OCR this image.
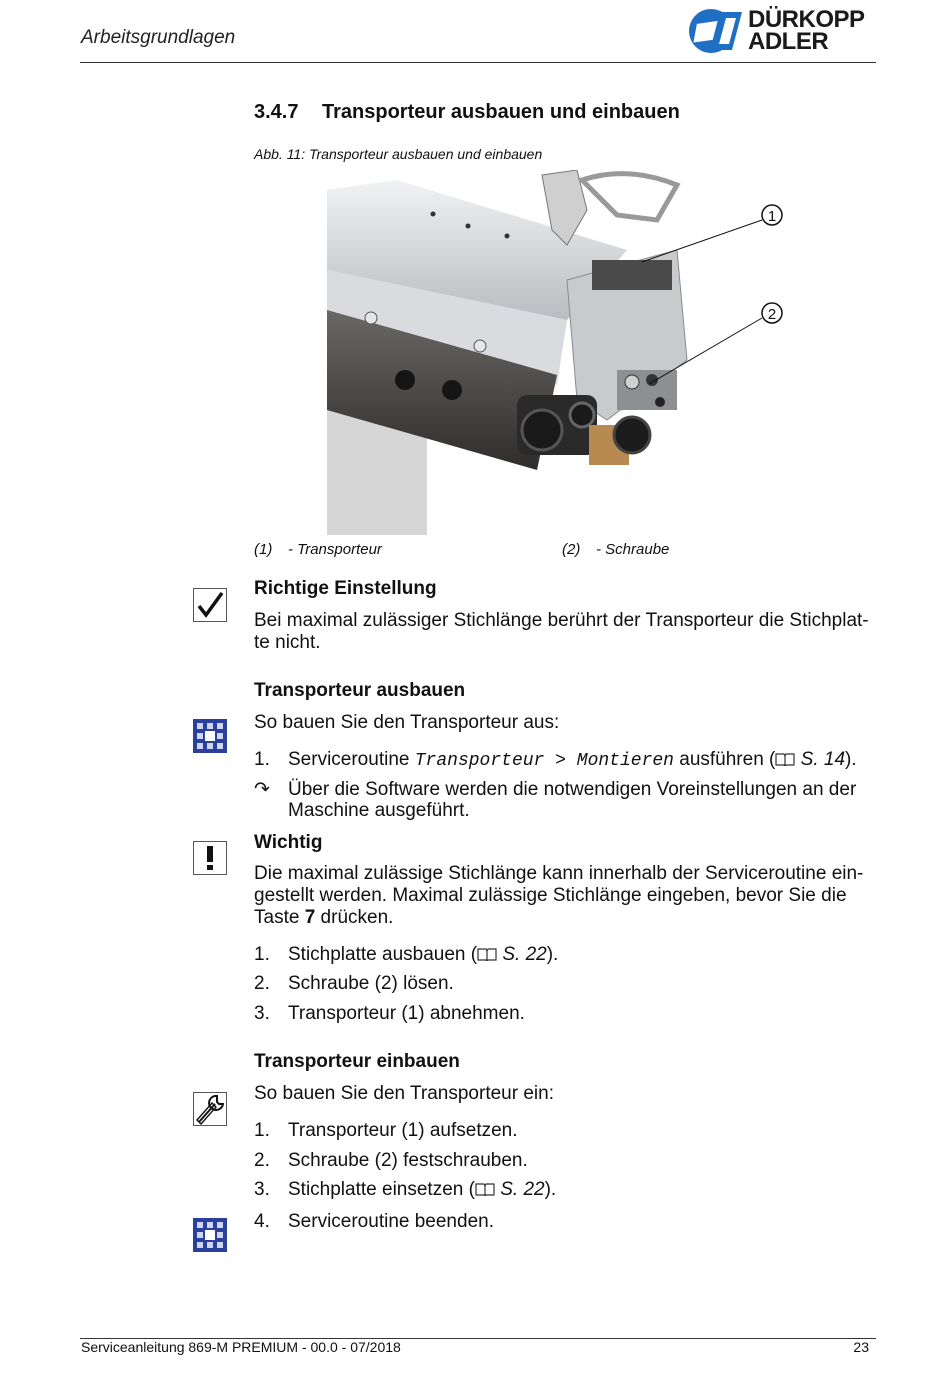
Arbeitsgrundlagen
DÜRKOPP
ADLER
3.4.7 Transporteur ausbauen und einbauen
Abb. 11: Transporteur ausbauen und einbauen
1
2
(1) - Transporteur	(2) - Schraube
Richtige Einstellung
Bei maximal zulässiger Stichlänge berührt der Transporteur die Stichplat-
te nicht.
Transporteur ausbauen
So bauen Sie den Transporteur aus:
1. Serviceroutine Transporteur > Montieren ausführen ( S. 14).
↷ Über die Software werden die notwendigen Voreinstellungen an der
Maschine ausgeführt.
Wichtig
Die maximal zulässige Stichlänge kann innerhalb der Serviceroutine ein-
gestellt werden. Maximal zulässige Stichlänge eingeben, bevor Sie die
Taste 7 drücken.
1. Stichplatte ausbauen ( S. 22).
2. Schraube (2) lösen.
3. Transporteur (1) abnehmen.
Transporteur einbauen
So bauen Sie den Transporteur ein:
1. Transporteur (1) aufsetzen.
2. Schraube (2) festschrauben.
3. Stichplatte einsetzen ( S. 22).
4. Serviceroutine beenden.
Serviceanleitung 869-M PREMIUM - 00.0 - 07/2018	23
